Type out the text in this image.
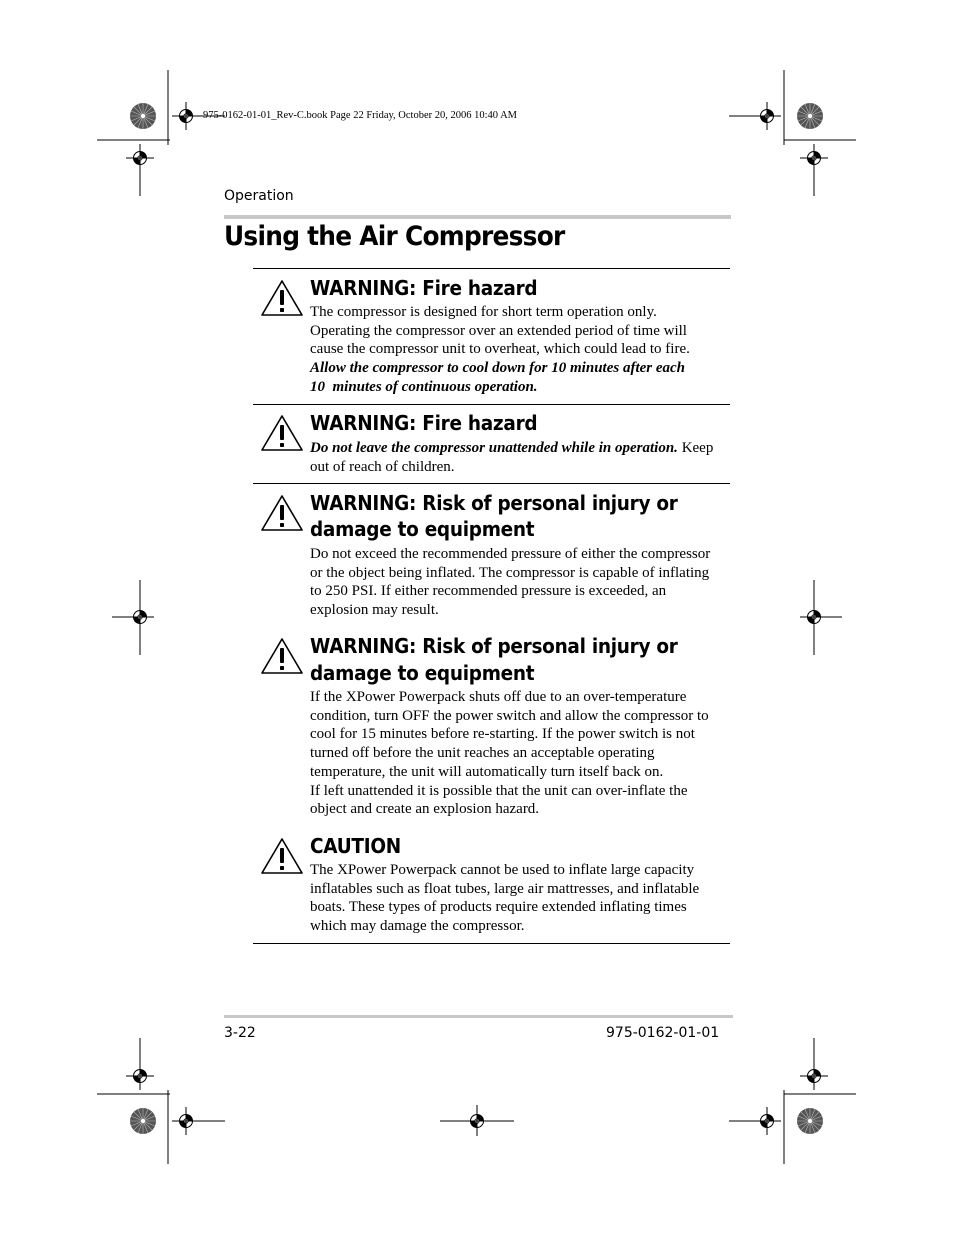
975-0162-01-01_Rev-C.book Page 22 Friday, October 20, 2006 10:40 AM
Operation
Using the Air Compressor
WARNING: Fire hazard

The compressor is designed for short term operation only.

Operating the compressor over an extended period of time will

cause the compressor unit to overheat, which could lead to fire.

Allow the compressor to cool down for 10 minutes after each

10  minutes of continuous operation.

WARNING: Fire hazard

Do not leave the compressor unattended while in operation. Keep

out of reach of children.

WARNING: Risk of personal injury or
damage to equipment

Do not exceed the recommended pressure of either the compressor

or the object being inflated. The compressor is capable of inflating

to 250 PSI. If either recommended pressure is exceeded, an

explosion may result.

WARNING: Risk of personal injury or
damage to equipment

If the XPower Powerpack shuts off due to an over-temperature

condition, turn OFF the power switch and allow the compressor to

cool for 15 minutes before re-starting. If the power switch is not

turned off before the unit reaches an acceptable operating

temperature, the unit will automatically turn itself back on.

If left unattended it is possible that the unit can over-inflate the

object and create an explosion hazard.

CAUTION

The XPower Powerpack cannot be used to inflate large capacity

inflatables such as float tubes, large air mattresses, and inflatable

boats. These types of products require extended inflating times

which may damage the compressor.

3-22	975-0162-01-01
